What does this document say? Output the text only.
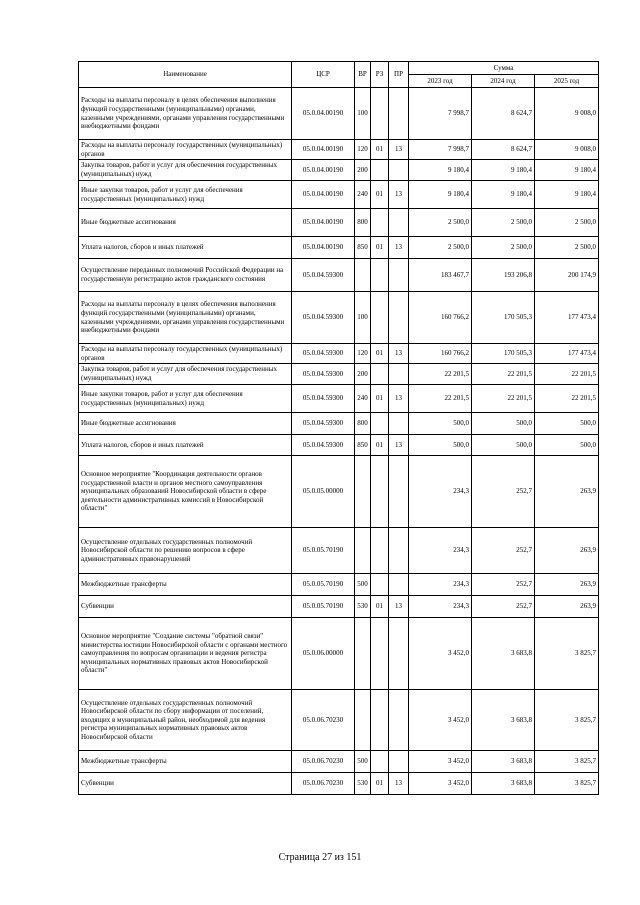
Наименование	ЦСР	ВР	РЗ	ПР	Сумма		
					2023 год	2024 год	2025 год
Расходы на выплаты персоналу в целях обеспечения выполнения функций государственными (муниципальными) органами, казенными учреждениями, органами управления государственными внебюджетными фондами	05.0.04.00190	100			7 998,7	8 624,7	9 008,0
Расходы на выплаты персоналу государственных (муниципальных) органов	05.0.04.00190	120	01	13	7 998,7	8 624,7	9 008,0
Закупка товаров, работ и услуг для обеспечения государственных (муниципальных) нужд	05.0.04.00190	200			9 180,4	9 180,4	9 180,4
Иные закупки товаров, работ и услуг для обеспечения государственных (муниципальных) нужд	05.0.04.00190	240	01	13	9 180,4	9 180,4	9 180,4
Иные бюджетные ассигнования	05.0.04.00190	800			2 500,0	2 500,0	2 500,0
Уплата налогов, сборов и иных платежей	05.0.04.00190	850	01	13	2 500,0	2 500,0	2 500,0
Осуществление переданных полномочий Российской Федерации на государственную регистрацию актов гражданского состояния	05.0.04.59300				183 467,7	193 206,8	200 174,9
Расходы на выплаты персоналу в целях обеспечения выполнения функций государственными (муниципальными) органами, казенными учреждениями, органами управления государственными внебюджетными фондами	05.0.04.59300	100			160 766,2	170 505,3	177 473,4
Расходы на выплаты персоналу государственных (муниципальных) органов	05.0.04.59300	120	01	13	160 766,2	170 505,3	177 473,4
Закупка товаров, работ и услуг для обеспечения государственных (муниципальных) нужд	05.0.04.59300	200			22 201,5	22 201,5	22 201,5
Иные закупки товаров, работ и услуг для обеспечения государственных (муниципальных) нужд	05.0.04.59300	240	01	13	22 201,5	22 201,5	22 201,5
Иные бюджетные ассигнования	05.0.04.59300	800			500,0	500,0	500,0
Уплата налогов, сборов и иных платежей	05.0.04.59300	850	01	13	500,0	500,0	500,0
Основное мероприятие "Координация деятельности органов государственной власти и органов местного самоуправления муниципальных образований Новосибирской области в сфере деятельности административных комиссий в Новосибирской области"	05.0.05.00000				234,3	252,7	263,9
Осуществление отдельных государственных полномочий Новосибирской области по решению вопросов в сфере административных правонарушений	05.0.05.70190				234,3	252,7	263,9
Межбюджетные трансферты	05.0.05.70190	500			234,3	252,7	263,9
Субвенции	05.0.05.70190	530	01	13	234,3	252,7	263,9
Основное мероприятие "Создание системы "обратной связи" министерства юстиции Новосибирской области с органами местного самоуправления по вопросам организации и ведения регистра муниципальных нормативных правовых актов Новосибирской области"	05.0.06.00000				3 452,0	3 683,8	3 825,7
Осуществление отдельных государственных полномочий Новосибирской области по сбору информации от поселений, входящих в муниципальный район, необходимой для ведения регистра муниципальных нормативных правовых актов Новосибирской области	05.0.06.70230				3 452,0	3 683,8	3 825,7
Межбюджетные трансферты	05.0.06.70230	500			3 452,0	3 683,8	3 825,7
Субвенции	05.0.06.70230	530	01	13	3 452,0	3 683,8	3 825,7
Страница 27 из 151
